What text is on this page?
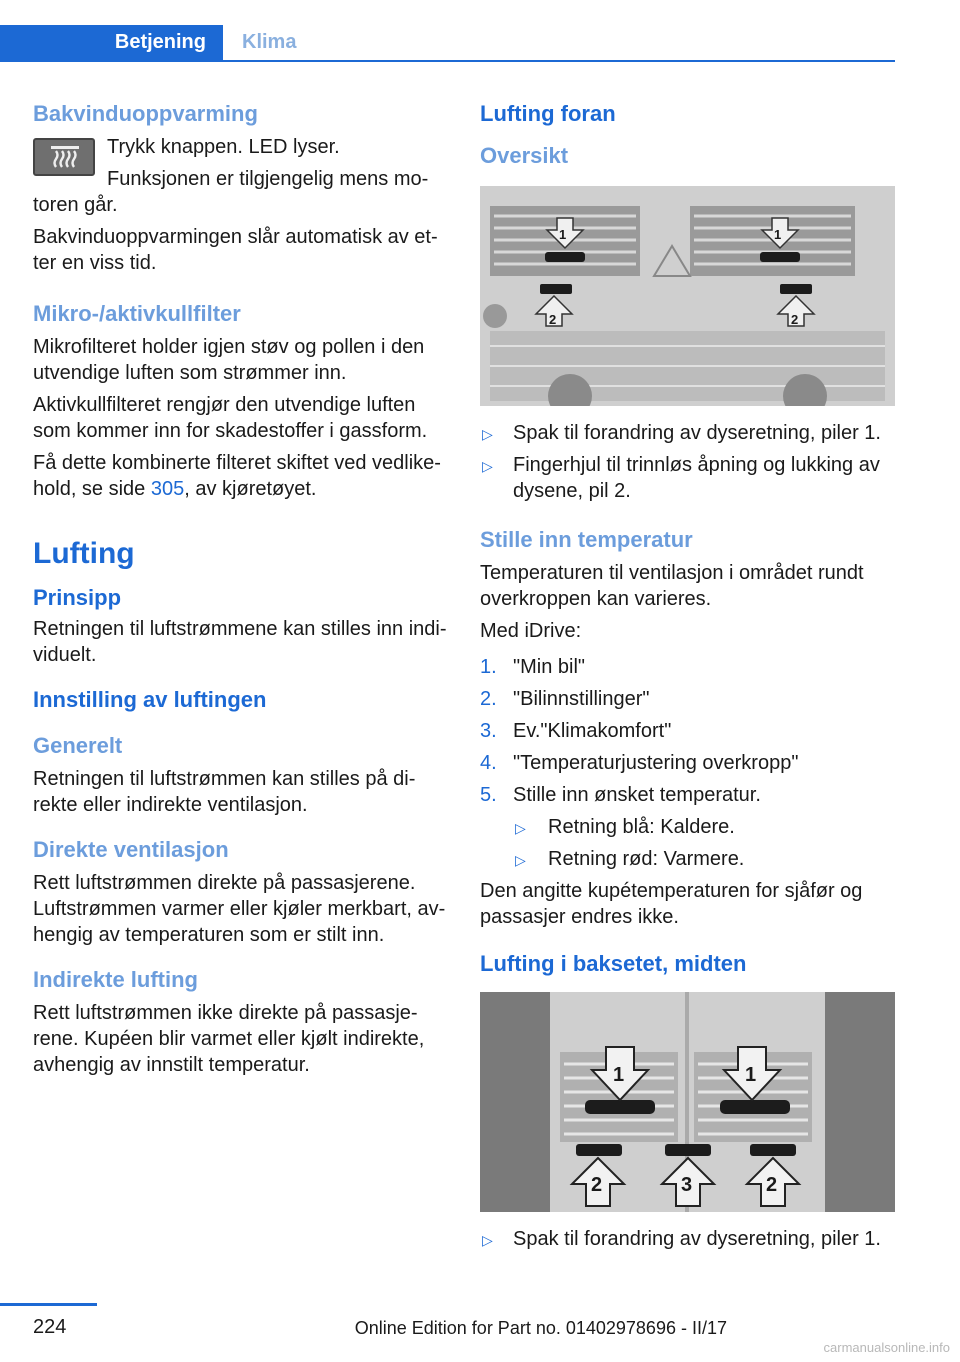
Betjening	Klima
Bakvinduoppvarming

Trykk knappen. LED lyser.

Funksjonen er tilgjengelig mens mo‐toren går.

Bakvinduoppvarmingen slår automatisk av et‐ter en viss tid.

Mikro-/aktivkullfilter

Mikrofilteret holder igjen støv og pollen i den utvendige luften som strømmer inn.

Aktivkullfilteret rengjør den utvendige luften som kommer inn for skadestoffer i gassform.

Få dette kombinerte filteret skiftet ved vedlike‐hold, se side 305, av kjøretøyet.

Lufting
Prinsipp

Retningen til luftstrømmene kan stilles inn indi‐viduelt.

Innstilling av luftingen
Generelt

Retningen til luftstrømmen kan stilles på di‐rekte eller indirekte ventilasjon.

Direkte ventilasjon

Rett luftstrømmen direkte på passasjerene. Luftstrømmen varmer eller kjøler merkbart, av‐hengig av temperaturen som er stilt inn.

Indirekte lufting

Rett luftstrømmen ikke direkte på passasje‐rene. Kupéen blir varmet eller kjølt indirekte, avhengig av innstilt temperatur.

Lufting foran
Oversikt
1	1
2	2
▷ Spak til forandring av dyseretning, piler 1.
▷ Fingerhjul til trinnløs åpning og lukking av dysene, pil 2.
Stille inn temperatur

Temperaturen til ventilasjon i området rundt overkroppen kan varieres.

Med iDrive:

1. "Min bil"
2. "Bilinnstillinger"
3. Ev."Klimakomfort"
4. "Temperaturjustering overkropp"
5. Stille inn ønsket temperatur.
▷ Retning blå: Kaldere.
▷ Retning rød: Varmere.

Den angitte kupétemperaturen for sjåfør og passasjer endres ikke.

Lufting i baksetet, midten
1	1
2	3	2
▷ Spak til forandring av dyseretning, piler 1.
224	Online Edition for Part no. 01402978696 - II/17
carmanualsonline.info
